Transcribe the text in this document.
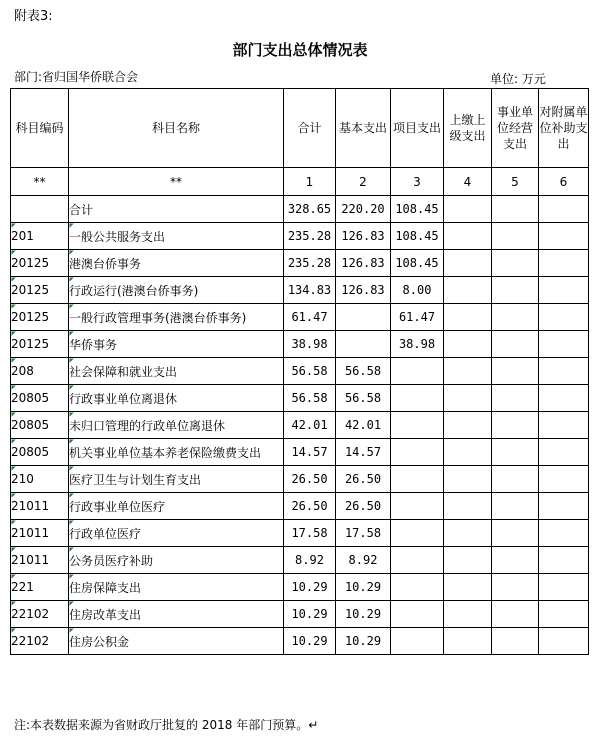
附表3:
部门支出总体情况表
部门:省归国华侨联合会	单位: 万元
科目编码	科目名称	合计	基本支出	项目支出	上缴上级支出	事业单位经营支出	对附属单位补助支出
**	**	1	2	3	4	5	6
	合计	328.65	220.20	108.45			
201	一般公共服务支出	235.28	126.83	108.45			
20125	港澳台侨事务	235.28	126.83	108.45			
20125	行政运行(港澳台侨事务)	134.83	126.83	8.00			
20125	一般行政管理事务(港澳台侨事务)	61.47		61.47			
20125	华侨事务	38.98		38.98			
208	社会保障和就业支出	56.58	56.58				
20805	行政事业单位离退休	56.58	56.58				
20805	未归口管理的行政单位离退休	42.01	42.01				
20805	机关事业单位基本养老保险缴费支出	14.57	14.57				
210	医疗卫生与计划生育支出	26.50	26.50				
21011	行政事业单位医疗	26.50	26.50				
21011	行政单位医疗	17.58	17.58				
21011	公务员医疗补助	8.92	8.92				
221	住房保障支出	10.29	10.29				
22102	住房改革支出	10.29	10.29				
22102	住房公积金	10.29	10.29				
注:本表数据来源为省财政厅批复的 2018 年部门预算。↵
